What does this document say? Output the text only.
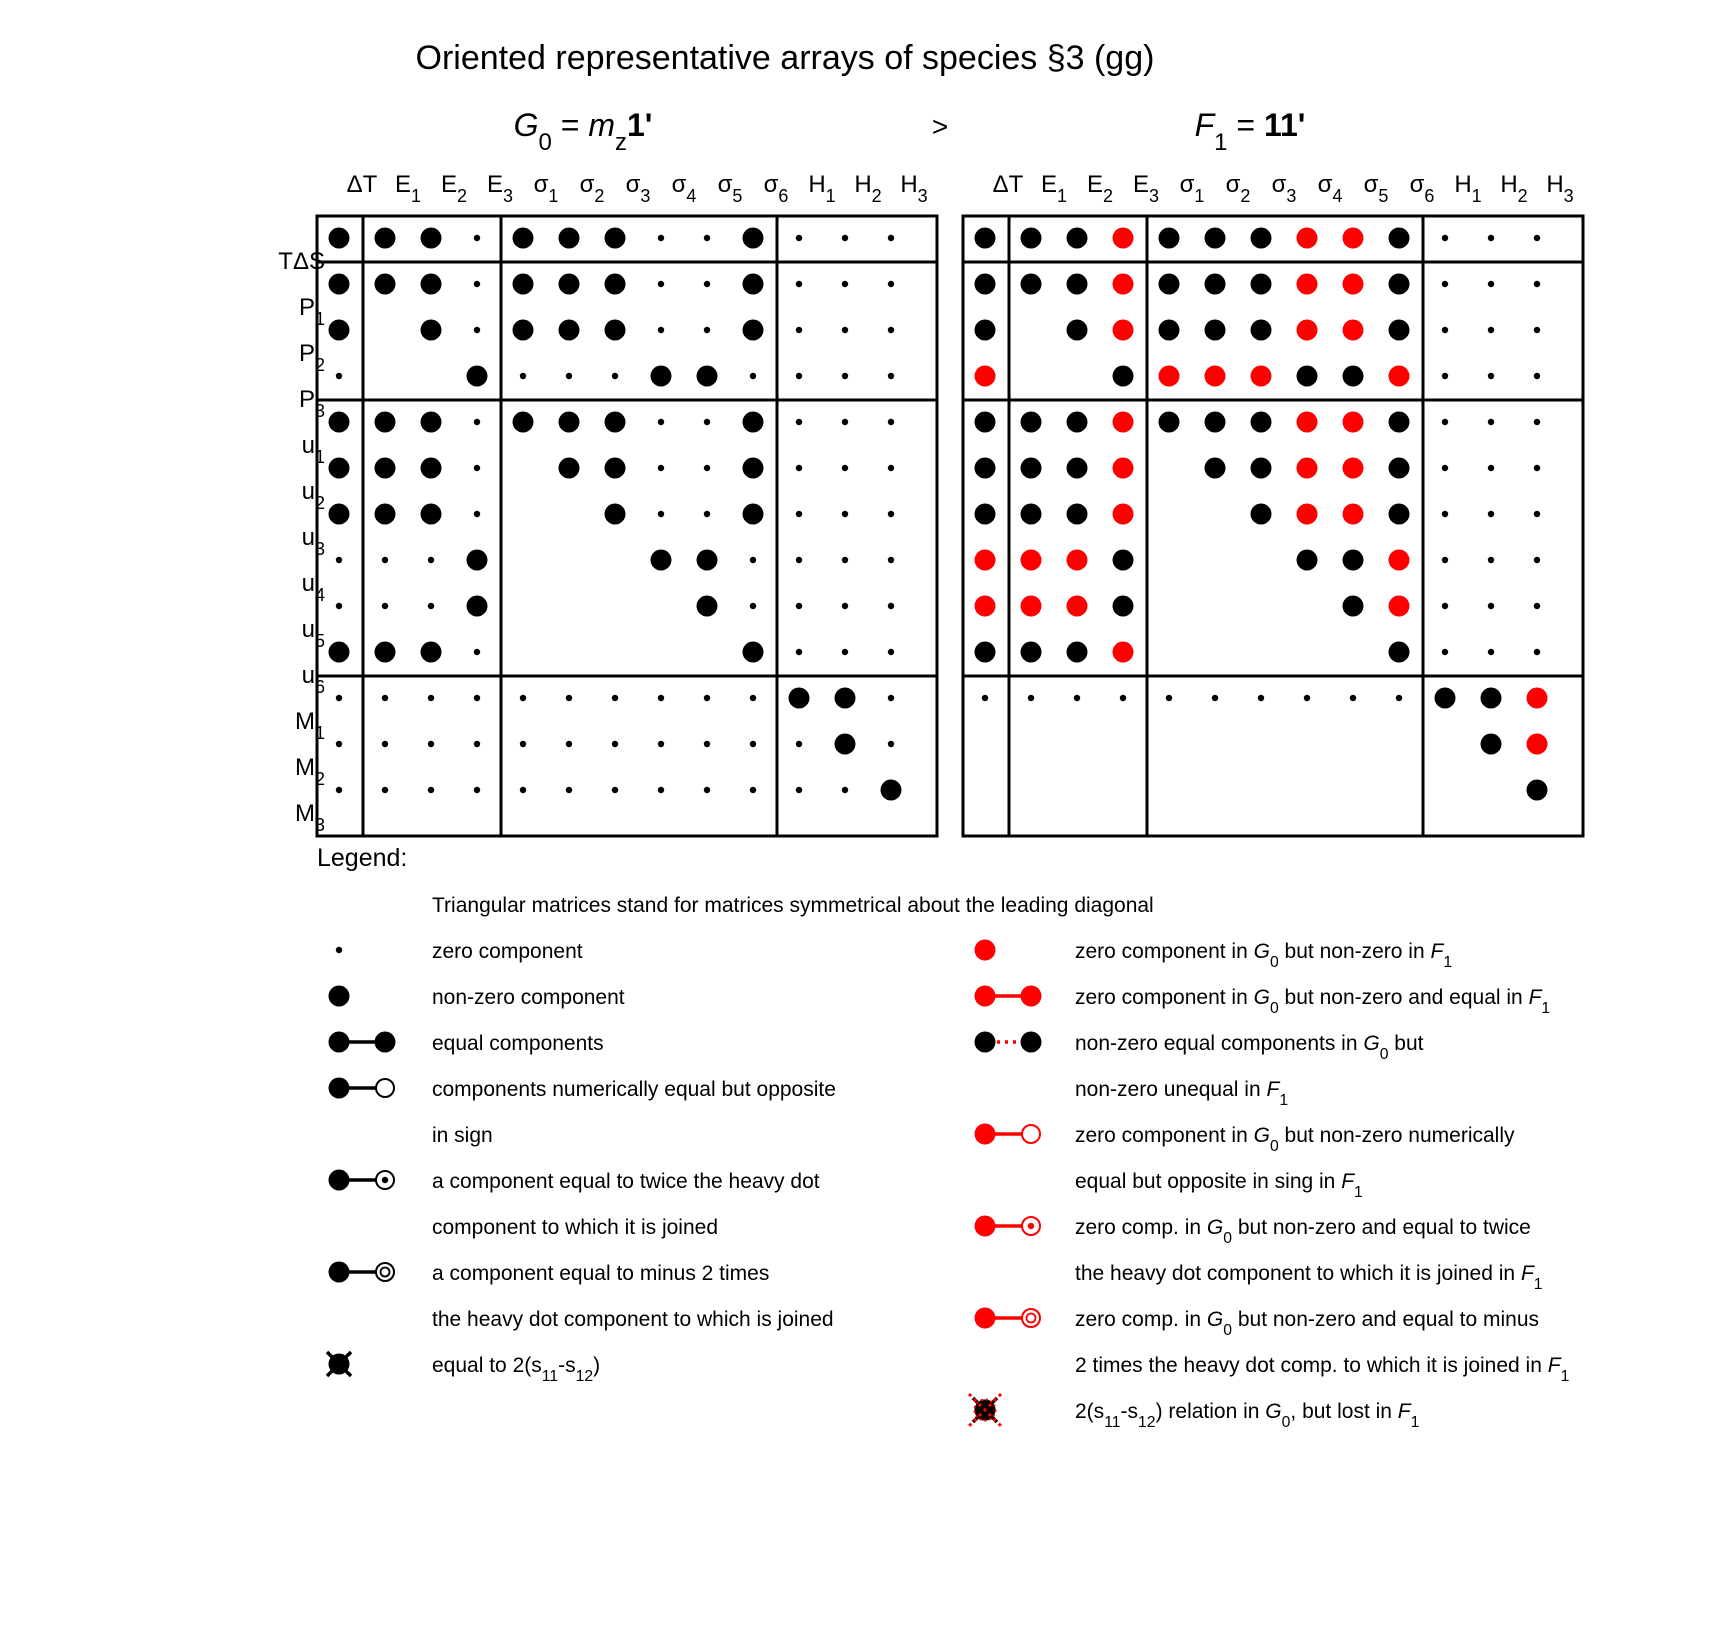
Oriented representative arrays of species §3 (gg)
>
$G_0 = m_z1'$	$F_1 = 11'$
ΔT $E_1$ $E_2$ $E_3$ $\sigma_1$ $\sigma_2$ $\sigma_3$ $\sigma_4$ $\sigma_5$ $\sigma_6$ $H_1$ $H_2$ $H_3$
TΔS
$P_1$
$P_2$
$P_3$
$u_1$
$u_2$
$u_3$
$u_4$
$u_5$
$u_6$
$M_1$
$M_2$
$M_3$
ΔT $E_1$ $E_2$ $E_3$ $\sigma_1$ $\sigma_2$ $\sigma_3$ $\sigma_4$ $\sigma_5$ $\sigma_6$ $H_1$ $H_2$ $H_3$
Legend:
Triangular matrices stand for matrices symmetrical about the leading diagonal
zero component
non-zero component
equal components
components numerically equal but opposite
in sign
a component equal to twice the heavy dot
component to which it is joined
a component equal to minus 2 times
the heavy dot component to which is joined
equal to $2(s_{11}-s_{12})$
zero component in $G_0$ but non-zero in $F_1$
zero component in $G_0$ but non-zero and equal in $F_1$
non-zero equal components in $G_0$ but
non-zero unequal in $F_1$
zero component in $G_0$ but non-zero numerically
equal but opposite in sing in $F_1$
zero comp. in $G_0$ but non-zero and equal to twice
the heavy dot component to which it is joined in $F_1$
zero comp. in $G_0$ but non-zero and equal to minus
2 times the heavy dot comp. to which it is joined in $F_1$
$2(s_{11}-s_{12})$ relation in $G_0$, but lost in $F_1$
